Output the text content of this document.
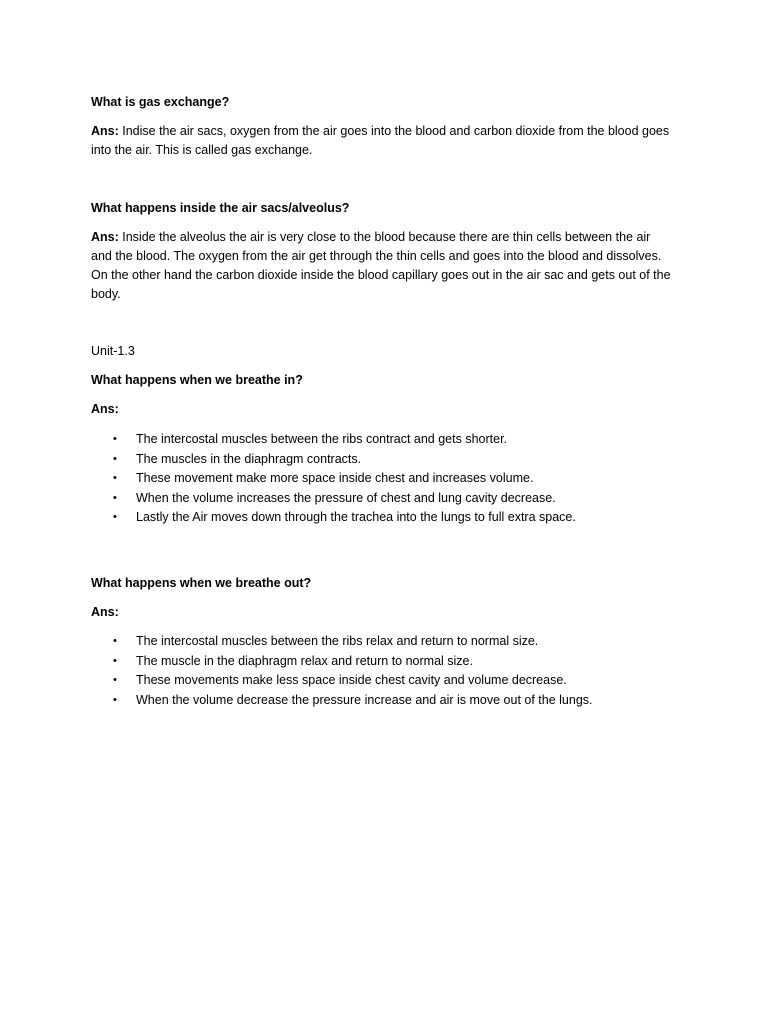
What is gas exchange?
Ans: Indise the air sacs, oxygen from the air goes into the blood and carbon dioxide from the blood goes into the air. This is called gas exchange.
What happens inside the air sacs/alveolus?
Ans: Inside the alveolus the air is very close to the blood because there are thin cells between the air and the blood. The oxygen from the air get through the thin cells and goes into the blood and dissolves. On the other hand the carbon dioxide inside the blood capillary goes out in the air sac and gets out of the body.
Unit-1.3
What happens when we breathe in?
Ans:
• The intercostal muscles between the ribs contract and gets shorter.
• The muscles in the diaphragm contracts.
• These movement make more space inside chest and increases volume.
• When the volume increases the pressure of chest and lung cavity decrease.
• Lastly the Air moves down through the trachea into the lungs to full extra space.
What happens when we breathe out?
Ans:
• The intercostal muscles between the ribs relax and return to normal size.
• The muscle in the diaphragm relax and return to normal size.
• These movements make less space inside chest cavity and volume decrease.
• When the volume decrease the pressure increase and air is move out of the lungs.
